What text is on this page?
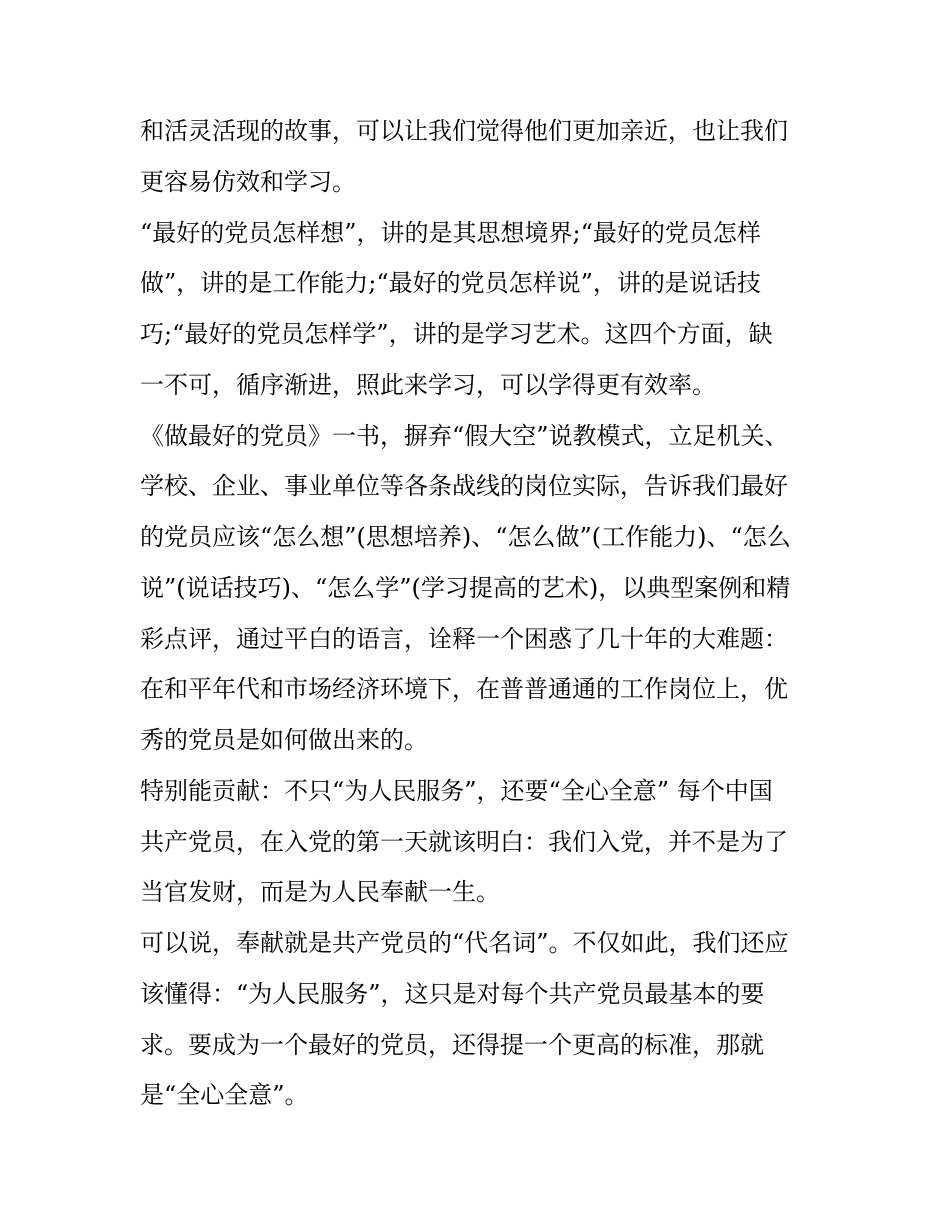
和活灵活现的故事，可以让我们觉得他们更加亲近，也让我们
更容易仿效和学习。
“最好的党员怎样想”，讲的是其思想境界;“最好的党员怎样
做”，讲的是工作能力;“最好的党员怎样说”，讲的是说话技
巧;“最好的党员怎样学”，讲的是学习艺术。这四个方面，缺
一不可，循序渐进，照此来学习，可以学得更有效率。
《做最好的党员》一书，摒弃“假大空”说教模式，立足机关、
学校、企业、事业单位等各条战线的岗位实际，告诉我们最好
的党员应该“怎么想”(思想培养)、“怎么做”(工作能力)、“怎么
说”(说话技巧)、“怎么学”(学习提高的艺术)，以典型案例和精
彩点评，通过平白的语言，诠释一个困惑了几十年的大难题：
在和平年代和市场经济环境下，在普普通通的工作岗位上，优
秀的党员是如何做出来的。
特别能贡献：不只“为人民服务”，还要“全心全意” 每个中国
共产党员，在入党的第一天就该明白：我们入党，并不是为了
当官发财，而是为人民奉献一生。
可以说，奉献就是共产党员的“代名词”。不仅如此，我们还应
该懂得：“为人民服务”，这只是对每个共产党员最基本的要
求。要成为一个最好的党员，还得提一个更高的标准，那就
是“全心全意”。
